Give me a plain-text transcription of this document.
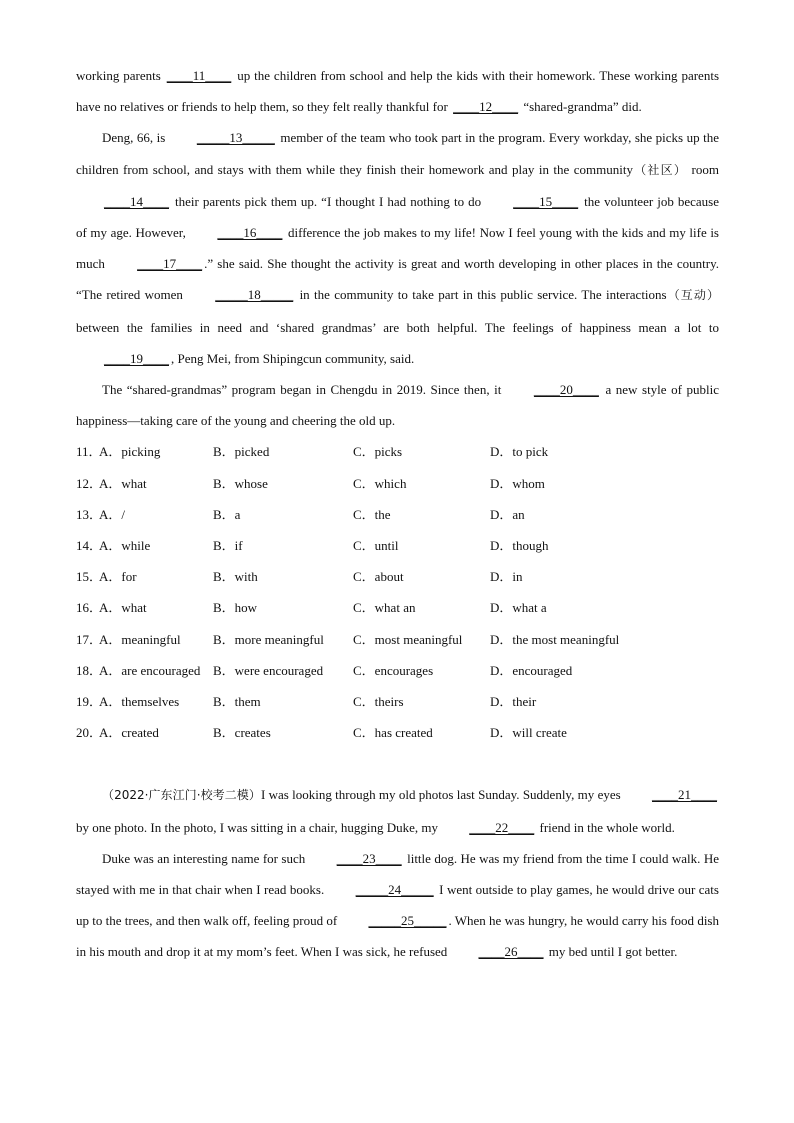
working parents ____11____ up the children from school and help the kids with their homework. These working parents have no relatives or friends to help them, so they felt really thankful for ____12____ “shared-grandma” did.

Deng, 66, is _____13_____ member of the team who took part in the program. Every workday, she picks up the children from school, and stays with them while they finish their homework and play in the community（社区） room ____14____ their parents pick them up. “I thought I had nothing to do ____15____ the volunteer job because of my age. However, ____16____ difference the job makes to my life! Now I feel young with the kids and my life is much ____17____ .” she said. She thought the activity is great and worth developing in other places in the country. “The retired women _____18_____ in the community to take part in this public service. The interactions（互动） between the families in need and ‘shared grandmas’ are both helpful. The feelings of happiness mean a lot to ____19____ , Peng Mei, from Shipingcun community, said.

The “shared-grandmas” program began in Chengdu in 2019. Since then, it ____20____ a new style of public happiness—taking care of the young and cheering the old up.

11．
A．picking	B．picked	C．picks	D．to pick
12．
A．what	B．whose	C．which	D．whom
13．
A．/	B．a	C．the	D．an
14．
A．while	B．if	C．until	D．though
15．
A．for	B．with	C．about	D．in
16．
A．what	B．how	C．what an	D．what a
17．
A．meaningful B．more meaningful C．most meaningful D．the most meaningful
18．
A．are encouraged B．were encouraged C．encourages	D．encouraged
19．
A．themselves	B．them	C．theirs	D．their
20．
A．created	B．creates	C．has created	D．will create

（2022·广东江门·校考二模）I was looking through my old photos last Sunday. Suddenly, my eyes ____21____ by one photo. In the photo, I was sitting in a chair, hugging Duke, my ____22____ friend in the whole world.

Duke was an interesting name for such ____23____ little dog. He was my friend from the time I could walk. He stayed with me in that chair when I read books. _____24_____ I went outside to play games, he would drive our cats up to the trees, and then walk off, feeling proud of _____25_____ . When he was hungry, he would carry his food dish in his mouth and drop it at my mom’s feet. When I was sick, he refused ____26____ my bed until I got better.
